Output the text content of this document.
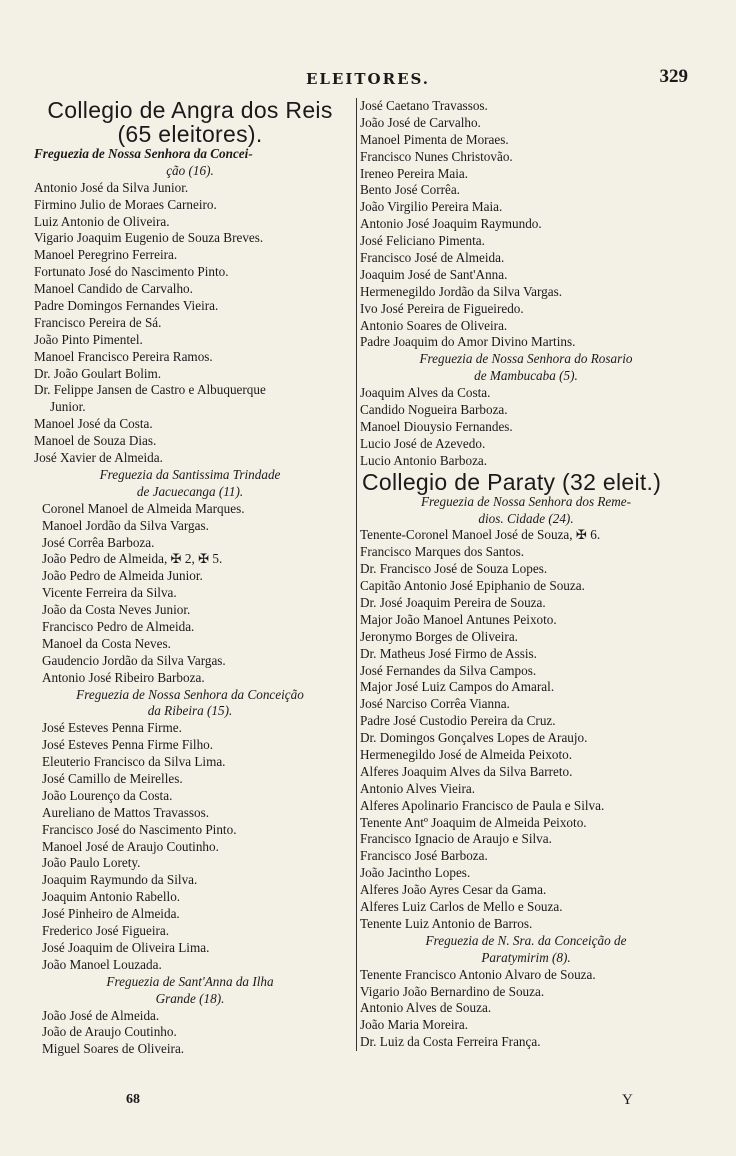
ELEITORES.	329
Collegio de Angra dos Reis
(65 eleitores).
Freguezia de Nossa Senhora da Concei-
ção (16).
Antonio José da Silva Junior.
Firmino Julio de Moraes Carneiro.
Luiz Antonio de Oliveira.
Vigario Joaquim Eugenio de Souza Breves.
Manoel Peregrino Ferreira.
Fortunato José do Nascimento Pinto.
Manoel Candido de Carvalho.
Padre Domingos Fernandes Vieira.
Francisco Pereira de Sá.
João Pinto Pimentel.
Manoel Francisco Pereira Ramos.
Dr. João Goulart Bolim.
Dr. Felippe Jansen de Castro e Albuquerque
Junior.
Manoel José da Costa.
Manoel de Souza Dias.
José Xavier de Almeida.
Freguezia da Santissima Trindade
de Jacuecanga (11).
Coronel Manoel de Almeida Marques.
Manoel Jordão da Silva Vargas.
José Corrêa Barboza.
João Pedro de Almeida, ✠ 2, ✠ 5.
João Pedro de Almeida Junior.
Vicente Ferreira da Silva.
João da Costa Neves Junior.
Francisco Pedro de Almeida.
Manoel da Costa Neves.
Gaudencio Jordão da Silva Vargas.
Antonio José Ribeiro Barboza.
Freguezia de Nossa Senhora da Conceição
da Ribeira (15).
José Esteves Penna Firme.
José Esteves Penna Firme Filho.
Eleuterio Francisco da Silva Lima.
José Camillo de Meirelles.
João Lourenço da Costa.
Aureliano de Mattos Travassos.
Francisco José do Nascimento Pinto.
Manoel José de Araujo Coutinho.
João Paulo Lorety.
Joaquim Raymundo da Silva.
Joaquim Antonio Rabello.
José Pinheiro de Almeida.
Frederico José Figueira.
José Joaquim de Oliveira Lima.
João Manoel Louzada.
Freguezia de Sant'Anna da Ilha
Grande (18).
João José de Almeida.
João de Araujo Coutinho.
Miguel Soares de Oliveira.
José Caetano Travassos.
João José de Carvalho.
Manoel Pimenta de Moraes.
Francisco Nunes Christovão.
Ireneo Pereira Maia.
Bento José Corrêa.
João Virgilio Pereira Maia.
Antonio José Joaquim Raymundo.
José Feliciano Pimenta.
Francisco José de Almeida.
Joaquim José de Sant'Anna.
Hermenegildo Jordão da Silva Vargas.
Ivo José Pereira de Figueiredo.
Antonio Soares de Oliveira.
Padre Joaquim do Amor Divino Martins.
Freguezia de Nossa Senhora do Rosario
de Mambucaba (5).
Joaquim Alves da Costa.
Candido Nogueira Barboza.
Manoel Diouysio Fernandes.
Lucio José de Azevedo.
Lucio Antonio Barboza.
Collegio de Paraty (32 eleit.)
Freguezia de Nossa Senhora dos Reme-
dios. Cidade (24).
Tenente-Coronel Manoel José de Souza, ✠ 6.
Francisco Marques dos Santos.
Dr. Francisco José de Souza Lopes.
Capitão Antonio José Epiphanio de Souza.
Dr. José Joaquim Pereira de Souza.
Major João Manoel Antunes Peixoto.
Jeronymo Borges de Oliveira.
Dr. Matheus José Firmo de Assis.
José Fernandes da Silva Campos.
Major José Luiz Campos do Amaral.
José Narciso Corrêa Vianna.
Padre José Custodio Pereira da Cruz.
Dr. Domingos Gonçalves Lopes de Araujo.
Hermenegildo José de Almeida Peixoto.
Alferes Joaquim Alves da Silva Barreto.
Antonio Alves Vieira.
Alferes Apolinario Francisco de Paula e Silva.
Tenente Antº Joaquim de Almeida Peixoto.
Francisco Ignacio de Araujo e Silva.
Francisco José Barboza.
João Jacintho Lopes.
Alferes João Ayres Cesar da Gama.
Alferes Luiz Carlos de Mello e Souza.
Tenente Luiz Antonio de Barros.
Freguezia de N. Sra. da Conceição de
Paratymirim (8).
Tenente Francisco Antonio Alvaro de Souza.
Vigario João Bernardino de Souza.
Antonio Alves de Souza.
João Maria Moreira.
Dr. Luiz da Costa Ferreira França.
68	Y
